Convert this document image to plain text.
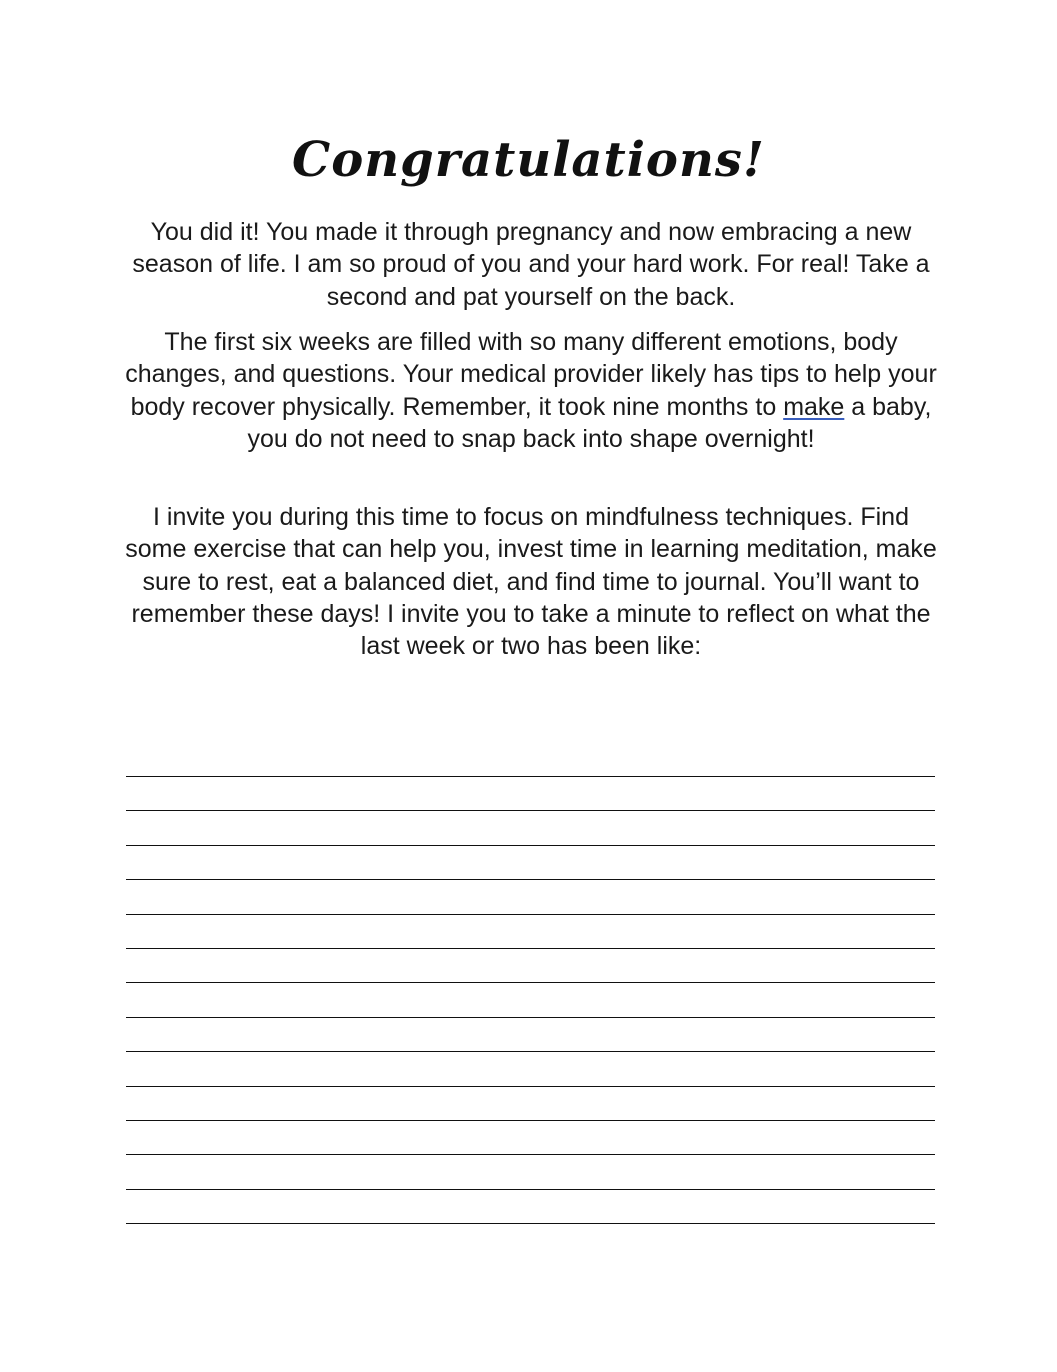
Congratulations!

You did it! You made it through pregnancy and now embracing a new season of life. I am so proud of you and your hard work. For real! Take a second and pat yourself on the back.

The first six weeks are filled with so many different emotions, body changes, and questions. Your medical provider likely has tips to help your body recover physically. Remember, it took nine months to make a baby, you do not need to snap back into shape overnight!

I invite you during this time to focus on mindfulness techniques. Find some exercise that can help you, invest time in learning meditation, make sure to rest, eat a balanced diet, and find time to journal. You’ll want to remember these days! I invite you to take a minute to reflect on what the last week or two has been like:
